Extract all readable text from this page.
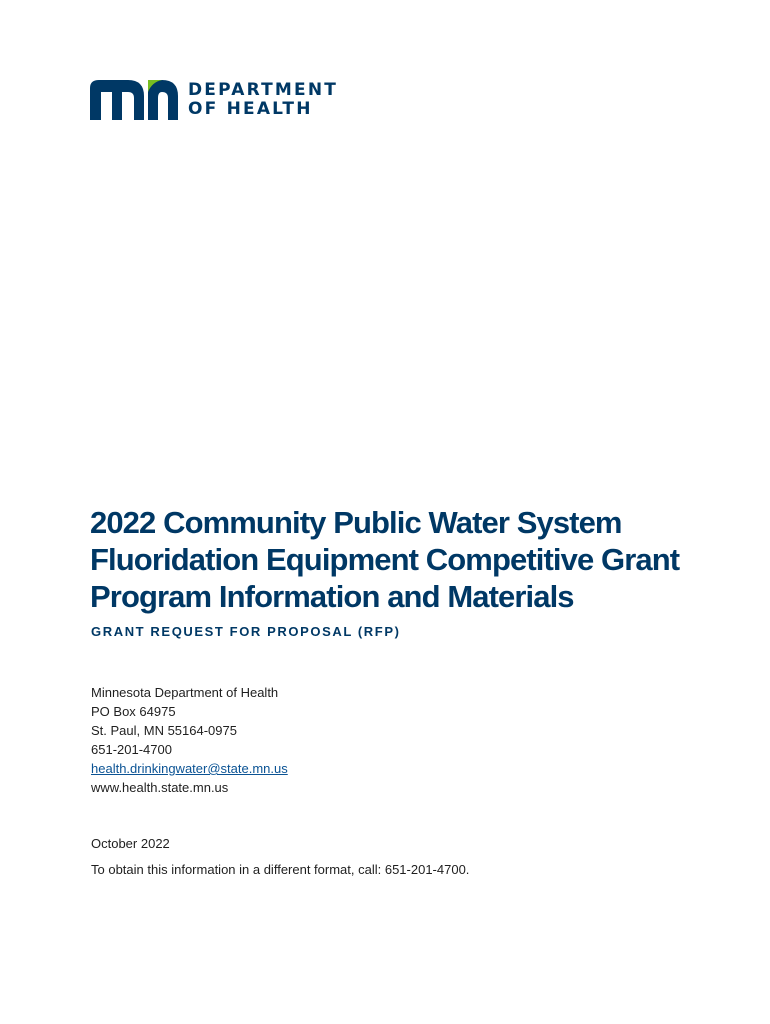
DEPARTMENT
OF HEALTH
2022 Community Public Water System
Fluoridation Equipment Competitive Grant
Program Information and Materials

GRANT REQUEST FOR PROPOSAL (RFP)

Minnesota Department of Health
PO Box 64975
St. Paul, MN 55164-0975
651-201-4700
health.drinkingwater@state.mn.us
www.health.state.mn.us
October 2022
To obtain this information in a different format, call: 651-201-4700.
